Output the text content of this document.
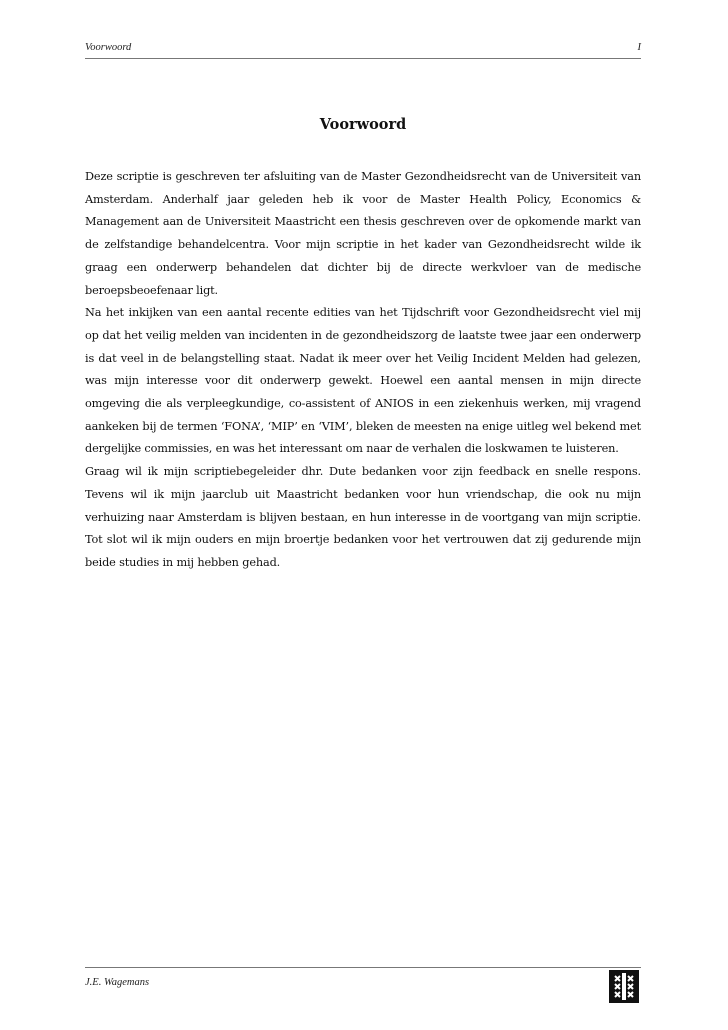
Voorwoord	I
Voorwoord

Deze scriptie is geschreven ter afsluiting van de Master Gezondheidsrecht van de Universiteit van Amsterdam. Anderhalf jaar geleden heb ik voor de Master Health Policy, Economics & Management aan de Universiteit Maastricht een thesis geschreven over de opkomende markt van de zelfstandige behandelcentra. Voor mijn scriptie in het kader van Gezondheidsrecht wilde ik graag een onderwerp behandelen dat dichter bij de directe werkvloer van de medische beroepsbeoefenaar ligt.

Na het inkijken van een aantal recente edities van het Tijdschrift voor Gezondheidsrecht viel mij op dat het veilig melden van incidenten in de gezondheidszorg de laatste twee jaar een onderwerp is dat veel in de belangstelling staat. Nadat ik meer over het Veilig Incident Melden had gelezen, was mijn interesse voor dit onderwerp gewekt. Hoewel een aantal mensen in mijn directe omgeving die als verpleegkundige, co-assistent of ANIOS in een ziekenhuis werken, mij vragend aankeken bij de termen ‘FONA’, ‘MIP’ en ‘VIM’, bleken de meesten na enige uitleg wel bekend met dergelijke commissies, en was het interessant om naar de verhalen die loskwamen te luisteren.

Graag wil ik mijn scriptiebegeleider dhr. Dute bedanken voor zijn feedback en snelle respons. Tevens wil ik mijn jaarclub uit Maastricht bedanken voor hun vriendschap, die ook nu mijn verhuizing naar Amsterdam is blijven bestaan, en hun interesse in de voortgang van mijn scriptie. Tot slot wil ik mijn ouders en mijn broertje bedanken voor het vertrouwen dat zij gedurende mijn beide studies in mij hebben gehad.

J.E. Wagemans
